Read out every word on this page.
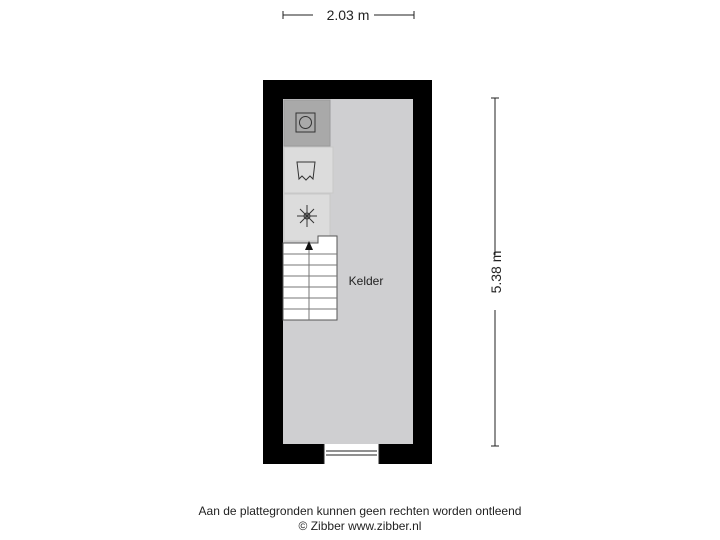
2.03 m
5.38 m
Kelder
Aan de plattegronden kunnen geen rechten worden ontleend
© Zibber www.zibber.nl
